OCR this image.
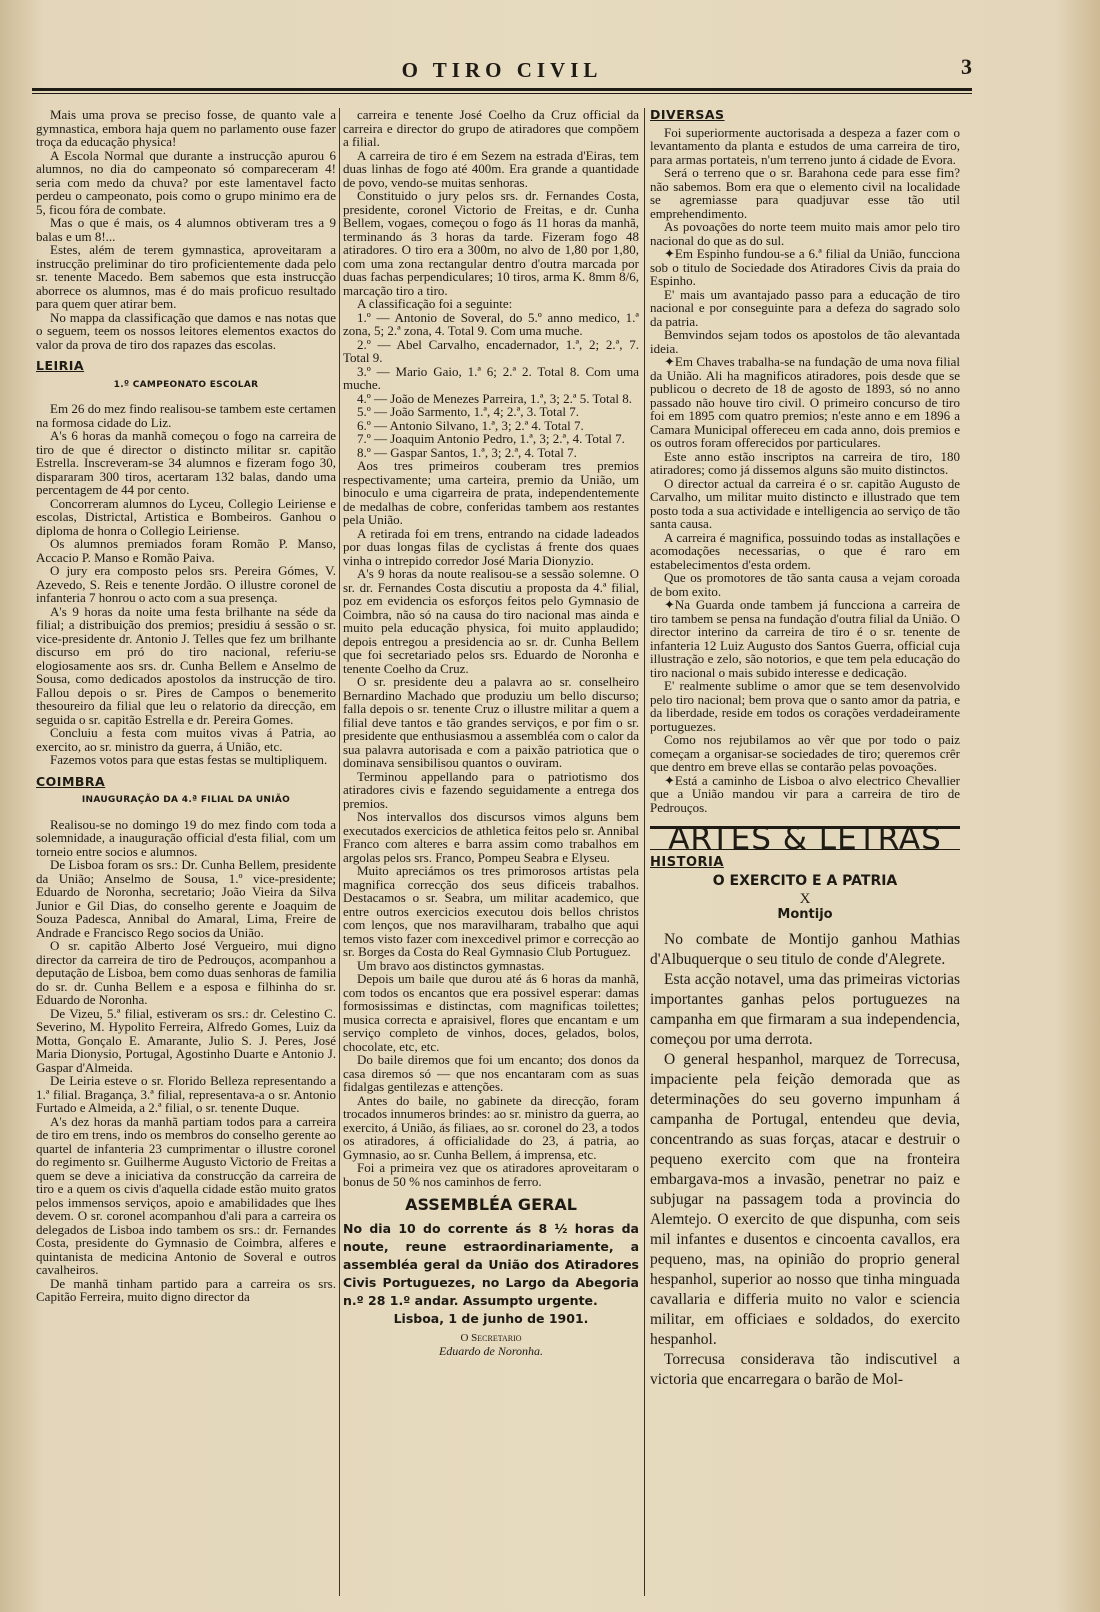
O TIRO CIVIL	3

Mais uma prova se preciso fosse, de quanto vale a gymnastica, embora haja quem no parlamento ouse fazer troça da educação physica!

A Escola Normal que durante a instrucção apurou 6 alumnos, no dia do campeonato só compareceram 4! seria com medo da chuva? por este lamentavel facto perdeu o campeonato, pois como o grupo minimo era de 5, ficou fóra de combate.

Mas o que é mais, os 4 alumnos obtiveram tres a 9 balas e um 8!...

Estes, além de terem gymnastica, aproveitaram a instrucção preliminar do tiro proficientemente dada pelo sr. tenente Macedo. Bem sabemos que esta instrucção aborrece os alumnos, mas é do mais proficuo resultado para quem quer atirar bem.

No mappa da classificação que damos e nas notas que o seguem, teem os nossos leitores elementos exactos do valor da prova de tiro dos rapazes das escolas.

LEIRIA
1.º CAMPEONATO ESCOLAR

Em 26 do mez findo realisou-se tambem este certamen na formosa cidade do Liz.

A's 6 horas da manhã começou o fogo na carreira de tiro de que é director o distincto militar sr. capitão Estrella. Inscreveram-se 34 alumnos e fizeram fogo 30, dispararam 300 tiros, acertaram 132 balas, dando uma percentagem de 44 por cento.

Concorreram alumnos do Lyceu, Collegio Leiriense e escolas, Districtal, Artistica e Bombeiros. Ganhou o diploma de honra o Collegio Leiriense.

Os alumnos premiados foram Romão P. Manso, Accacio P. Manso e Romão Paiva.

O jury era composto pelos srs. Pereira Gómes, V. Azevedo, S. Reis e tenente Jordão. O illustre coronel de infanteria 7 honrou o acto com a sua presença.

A's 9 horas da noite uma festa brilhante na séde da filial; a distribuição dos premios; presidiu á sessão o sr. vice-presidente dr. Antonio J. Telles que fez um brilhante discurso em pró do tiro nacional, referiu-se elogiosamente aos srs. dr. Cunha Bellem e Anselmo de Sousa, como dedicados apostolos da instrucção de tiro. Fallou depois o sr. Pires de Campos o benemerito thesoureiro da filial que leu o relatorio da direcção, em seguida o sr. capitão Estrella e dr. Pereira Gomes.

Concluiu a festa com muitos vivas á Patria, ao exercito, ao sr. ministro da guerra, á União, etc.

Fazemos votos para que estas festas se multipliquem.

COIMBRA
INAUGURAÇÃO DA 4.ª FILIAL DA UNIÃO

Realisou-se no domingo 19 do mez findo com toda a solemnidade, a inauguração official d'esta filial, com um torneio entre socios e alumnos.

De Lisboa foram os srs.: Dr. Cunha Bellem, presidente da União; Anselmo de Sousa, 1.º vice-presidente; Eduardo de Noronha, secretario; João Vieira da Silva Junior e Gil Dias, do conselho gerente e Joaquim de Souza Padesca, Annibal do Amaral, Lima, Freire de Andrade e Francisco Rego socios da União.

O sr. capitão Alberto José Vergueiro, mui digno director da carreira de tiro de Pedrouços, acompanhou a deputação de Lisboa, bem como duas senhoras de familia do sr. dr. Cunha Bellem e a esposa e filhinha do sr. Eduardo de Noronha.

De Vizeu, 5.ª filial, estiveram os srs.: dr. Celestino C. Severino, M. Hypolito Ferreira, Alfredo Gomes, Luiz da Motta, Gonçalo E. Amarante, Julio S. J. Peres, José Maria Dionysio, Portugal, Agostinho Duarte e Antonio J. Gaspar d'Almeida.

De Leiria esteve o sr. Florido Belleza representando a 1.ª filial. Bragança, 3.ª filial, representava-a o sr. Antonio Furtado e Almeida, a 2.ª filial, o sr. tenente Duque.

A's dez horas da manhã partiam todos para a carreira de tiro em trens, indo os membros do conselho gerente ao quartel de infanteria 23 cumprimentar o illustre coronel do regimento sr. Guilherme Augusto Victorio de Freitas a quem se deve a iniciativa da construcção da carreira de tiro e a quem os civis d'aquella cidade estão muito gratos pelos immensos serviços, apoio e amabilidades que lhes devem. O sr. coronel acompanhou d'ali para a carreira os delegados de Lisboa indo tambem os srs.: dr. Fernandes Costa, presidente do Gymnasio de Coimbra, alferes e quintanista de medicina Antonio de Soveral e outros cavalheiros.

De manhã tinham partido para a carreira os srs. Capitão Ferreira, muito digno director da

carreira e tenente José Coelho da Cruz official da carreira e director do grupo de atiradores que compõem a filial.

A carreira de tiro é em Sezem na estrada d'Eiras, tem duas linhas de fogo até 400m. Era grande a quantidade de povo, vendo-se muitas senhoras.

Constituido o jury pelos srs. dr. Fernandes Costa, presidente, coronel Victorio de Freitas, e dr. Cunha Bellem, vogaes, começou o fogo ás 11 horas da manhã, terminando ás 3 horas da tarde. Fizeram fogo 48 atiradores. O tiro era a 300m, no alvo de 1,80 por 1,80, com uma zona rectangular dentro d'outra marcada por duas fachas perpendiculares; 10 tiros, arma K. 8mm 8/6, marcação tiro a tiro.

A classificação foi a seguinte:

1.º — Antonio de Soveral, do 5.º anno medico, 1.ª zona, 5; 2.ª zona, 4. Total 9. Com uma muche.

2.º — Abel Carvalho, encadernador, 1.ª, 2; 2.ª, 7. Total 9.

3.º — Mario Gaio, 1.ª 6; 2.ª 2. Total 8. Com uma muche.

4.º — João de Menezes Parreira, 1.ª, 3; 2.ª 5. Total 8.

5.º — João Sarmento, 1.ª, 4; 2.ª, 3. Total 7.

6.º — Antonio Silvano, 1.ª, 3; 2.ª 4. Total 7.

7.º — Joaquim Antonio Pedro, 1.ª, 3; 2.ª, 4. Total 7.

8.º — Gaspar Santos, 1.ª, 3; 2.ª, 4. Total 7.

Aos tres primeiros couberam tres premios respectivamente; uma carteira, premio da União, um binoculo e uma cigarreira de prata, independentemente de medalhas de cobre, conferidas tambem aos restantes pela União.

A retirada foi em trens, entrando na cidade ladeados por duas longas filas de cyclistas á frente dos quaes vinha o intrepido corredor José Maria Dionyzio.

A's 9 horas da noute realisou-se a sessão solemne. O sr. dr. Fernandes Costa discutiu a proposta da 4.ª filial, poz em evidencia os esforços feitos pelo Gymnasio de Coimbra, não só na causa do tiro nacional mas ainda e muito pela educação physica, foi muito applaudido; depois entregou a presidencia ao sr. dr. Cunha Bellem que foi secretariado pelos srs. Eduardo de Noronha e tenente Coelho da Cruz.

O sr. presidente deu a palavra ao sr. conselheiro Bernardino Machado que produziu um bello discurso; falla depois o sr. tenente Cruz o illustre militar a quem a filial deve tantos e tão grandes serviços, e por fim o sr. presidente que enthusiasmou a assembléa com o calor da sua palavra autorisada e com a paixão patriotica que o dominava sensibilisou quantos o ouviram.

Terminou appellando para o patriotismo dos atiradores civis e fazendo seguidamente a entrega dos premios.

Nos intervallos dos discursos vimos alguns bem executados exercicios de athletica feitos pelo sr. Annibal Franco com alteres e barra assim como trabalhos em argolas pelos srs. Franco, Pompeu Seabra e Elyseu.

Muito apreciámos os tres primorosos artistas pela magnifica correcção dos seus dificeis trabalhos. Destacamos o sr. Seabra, um militar academico, que entre outros exercicios executou dois bellos christos com lenços, que nos maravilharam, trabalho que aqui temos visto fazer com inexcedivel primor e correcção ao sr. Borges da Costa do Real Gymnasio Club Portuguez.

Um bravo aos distinctos gymnastas.

Depois um baile que durou até ás 6 horas da manhã, com todos os encantos que era possivel esperar: damas formosissimas e distinctas, com magnificas toilettes; musica correcta e apraisivel, flores que encantam e um serviço completo de vinhos, doces, gelados, bolos, chocolate, etc, etc.

Do baile diremos que foi um encanto; dos donos da casa diremos só — que nos encantaram com as suas fidalgas gentilezas e attenções.

Antes do baile, no gabinete da direcção, foram trocados innumeros brindes: ao sr. ministro da guerra, ao exercito, á União, ás filiaes, ao sr. coronel do 23, a todos os atiradores, á officialidade do 23, á patria, ao Gymnasio, ao sr. Cunha Bellem, á imprensa, etc.

Foi a primeira vez que os atiradores aproveitaram o bonus de 50 % nos caminhos de ferro.

ASSEMBLÉA GERAL
No dia 10 do corrente ás 8 ½ horas da noute, reune estraordinariamente, a assembléa geral da União dos Atiradores Civis Portuguezes, no Largo da Abegoria n.º 28 1.º andar. Assumpto urgente.
Lisboa, 1 de junho de 1901.
O Secretario
Eduardo de Noronha.
DIVERSAS

Foi superiormente auctorisada a despeza a fazer com o levantamento da planta e estudos de uma carreira de tiro, para armas portateis, n'um terreno junto á cidade de Evora.

Será o terreno que o sr. Barahona cede para esse fim? não sabemos. Bom era que o elemento civil na localidade se agremiasse para quadjuvar esse tão util emprehendimento.

As povoações do norte teem muito mais amor pelo tiro nacional do que as do sul.

✦Em Espinho fundou-se a 6.ª filial da União, funcciona sob o titulo de Sociedade dos Atiradores Civis da praia do Espinho.

E' mais um avantajado passo para a educação de tiro nacional e por conseguinte para a defeza do sagrado solo da patria.

Bemvindos sejam todos os apostolos de tão alevantada ideia.

✦Em Chaves trabalha-se na fundação de uma nova filial da União. Ali ha magnificos atiradores, pois desde que se publicou o decreto de 18 de agosto de 1893, só no anno passado não houve tiro civil. O primeiro concurso de tiro foi em 1895 com quatro premios; n'este anno e em 1896 a Camara Municipal offereceu em cada anno, dois premios e os outros foram offerecidos por particulares.

Este anno estão inscriptos na carreira de tiro, 180 atiradores; como já dissemos alguns são muito distinctos.

O director actual da carreira é o sr. capitão Augusto de Carvalho, um militar muito distincto e illustrado que tem posto toda a sua actividade e intelligencia ao serviço de tão santa causa.

A carreira é magnifica, possuindo todas as installações e acomodações necessarias, o que é raro em estabelecimentos d'esta ordem.

Que os promotores de tão santa causa a vejam coroada de bom exito.

✦Na Guarda onde tambem já funcciona a carreira de tiro tambem se pensa na fundação d'outra filial da União. O director interino da carreira de tiro é o sr. tenente de infanteria 12 Luiz Augusto dos Santos Guerra, official cuja illustração e zelo, são notorios, e que tem pela educação do tiro nacional o mais subido interesse e dedicação.

E' realmente sublime o amor que se tem desenvolvido pelo tiro nacional; bem prova que o santo amor da patria, e da liberdade, reside em todos os corações verdadeiramente portuguezes.

Como nos rejubilamos ao vêr que por todo o paiz começam a organisar-se sociedades de tiro; queremos crêr que dentro em breve ellas se contarão pelas povoações.

✦Está a caminho de Lisboa o alvo electrico Chevallier que a União mandou vir para a carreira de tiro de Pedrouços.

ARTES & LETRAS
HISTORIA
O EXERCITO E A PATRIA
X
Montijo

No combate de Montijo ganhou Mathias d'Albuquerque o seu titulo de conde d'Alegrete.

Esta acção notavel, uma das primeiras victorias importantes ganhas pelos portuguezes na campanha em que firmaram a sua independencia, começou por uma derrota.

O general hespanhol, marquez de Torrecusa, impaciente pela feição demorada que as determinações do seu governo impunham á campanha de Portugal, entendeu que devia, concentrando as suas forças, atacar e destruir o pequeno exercito com que na fronteira embargava-mos a invasão, penetrar no paiz e subjugar na passagem toda a provincia do Alemtejo. O exercito de que dispunha, com seis mil infantes e dusentos e cincoenta cavallos, era pequeno, mas, na opinião do proprio general hespanhol, superior ao nosso que tinha minguada cavallaria e differia muito no valor e sciencia militar, em officiaes e soldados, do exercito hespanhol.

Torrecusa considerava tão indiscutivel a victoria que encarregara o barão de Mol-
